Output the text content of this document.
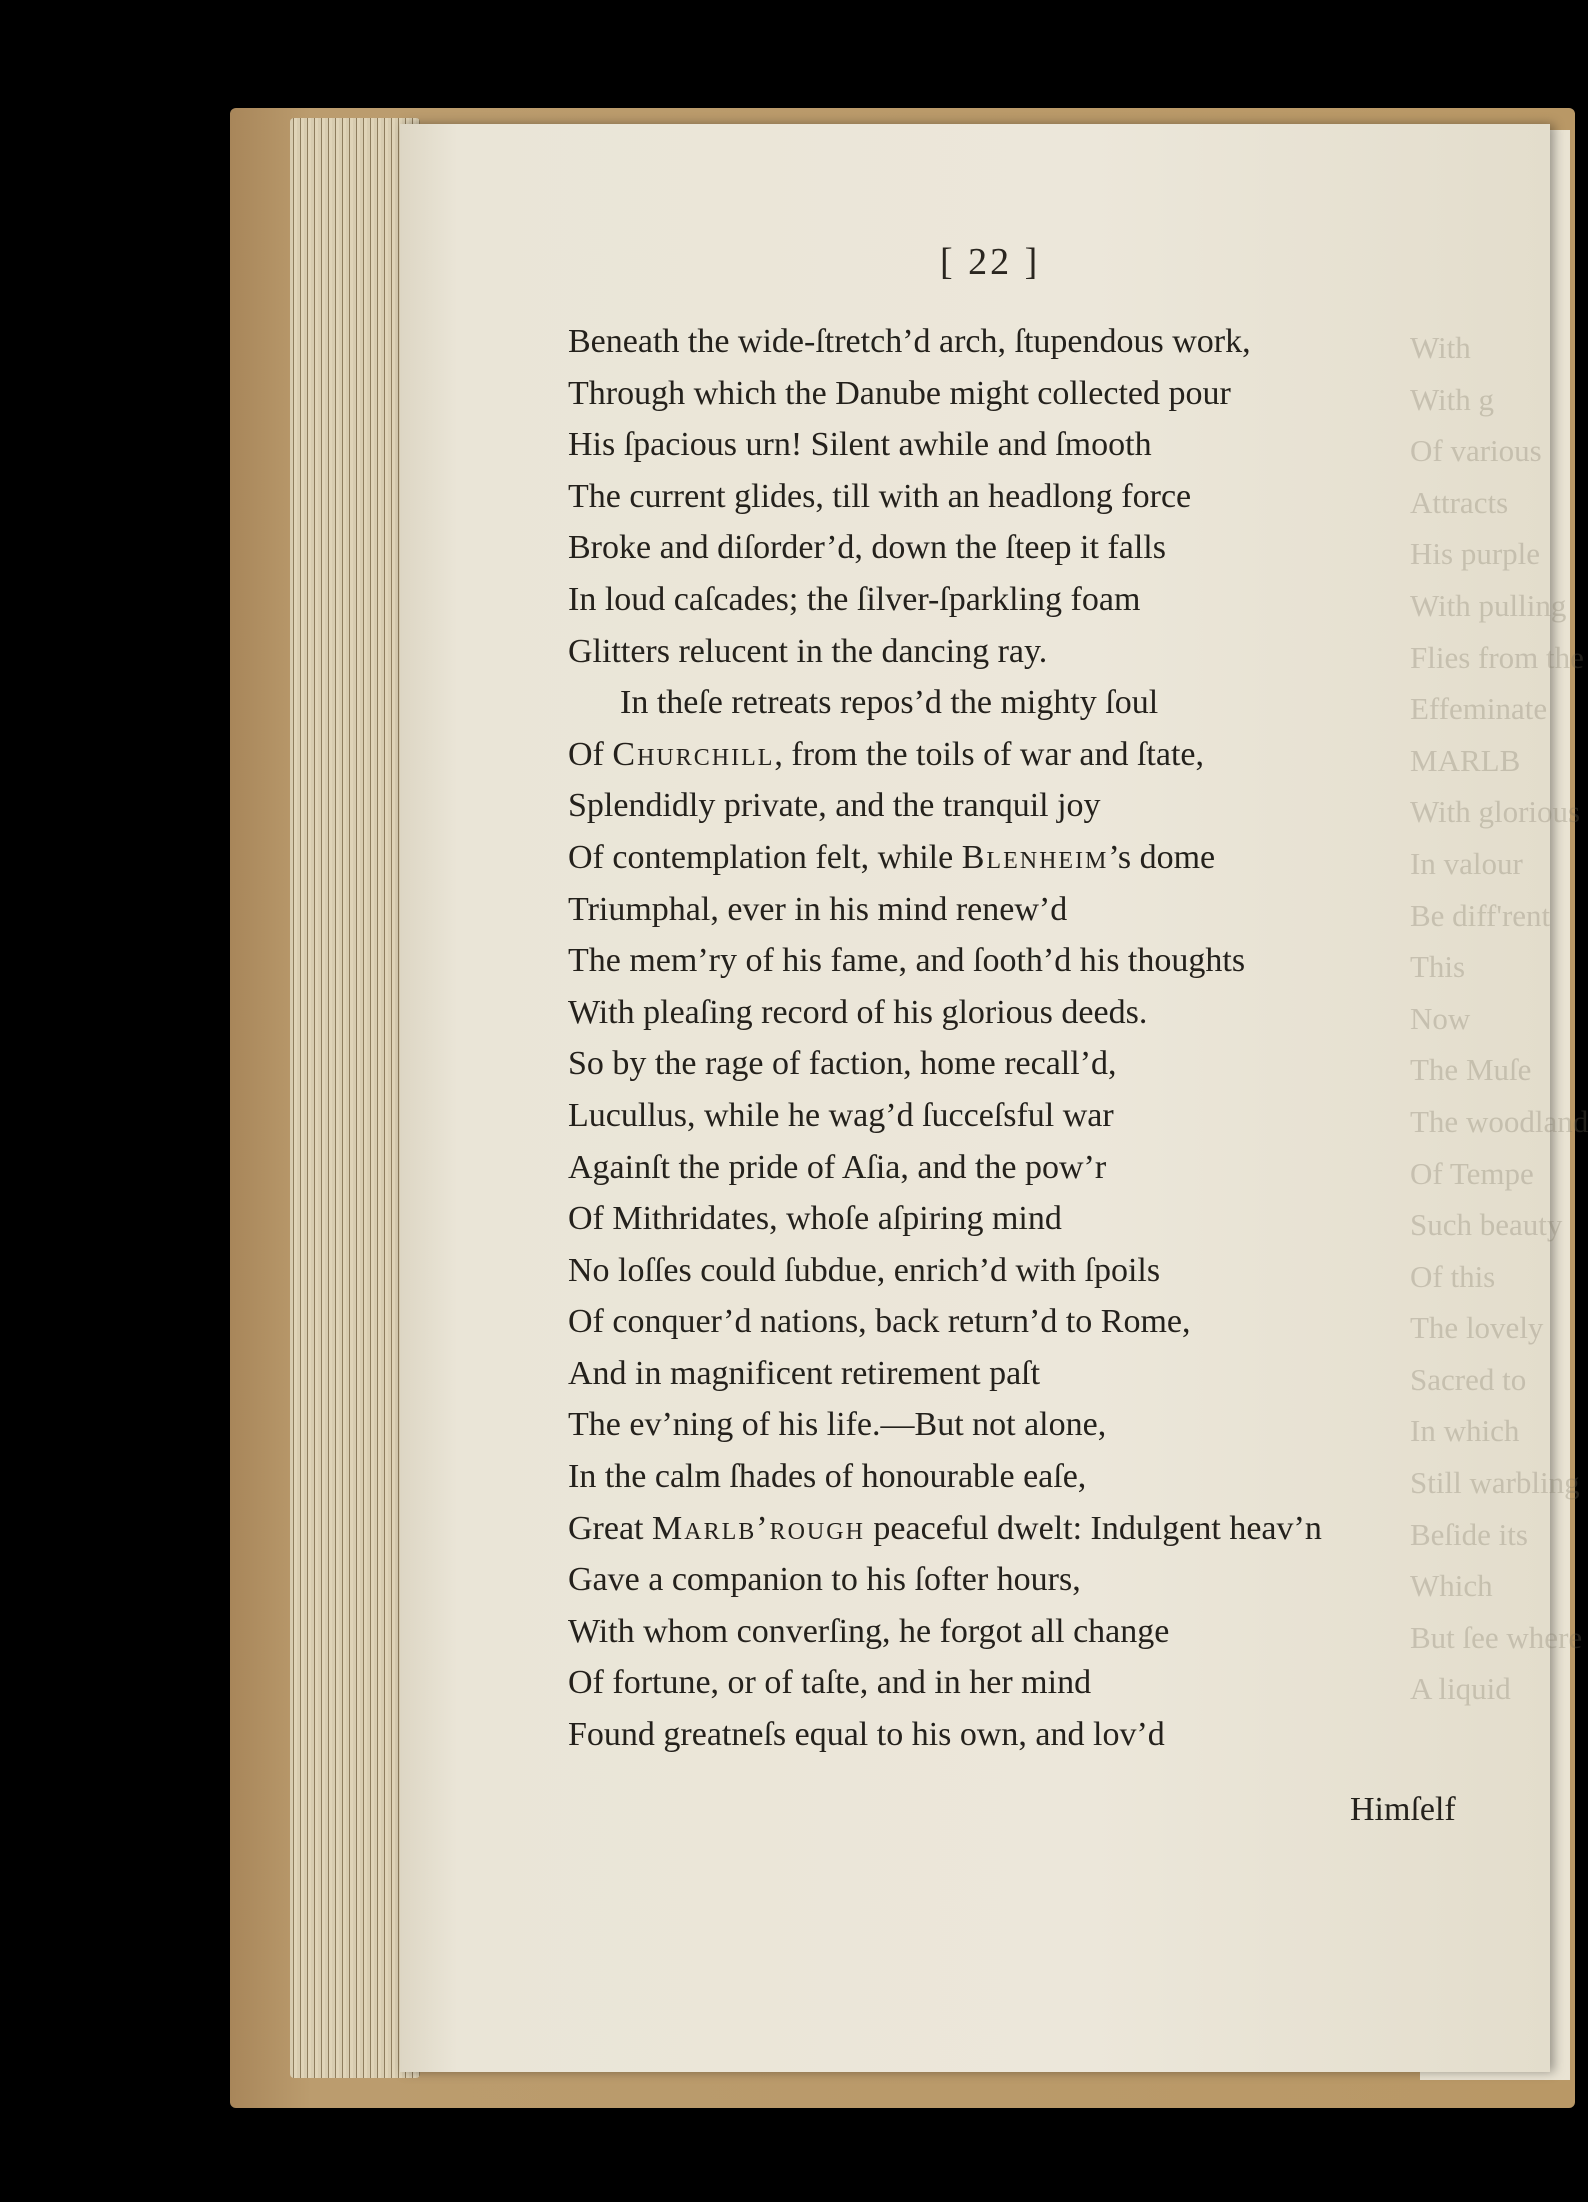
With
With g
Of various
Attracts
His purple
With pulling
Flies from the
Effeminate
MARLB
With glorious
In valour
Be diff'rent
This
Now
The Muſe
The woodland
Of Tempe
Such beauty
Of this
The lovely
Sacred to
In which
Still warbling
Beſide its
Which
But ſee where
A liquid
[ 22 ]
Beneath the wide-ſtretch’d arch, ſtupendous work,
Through which the Danube might collected pour
His ſpacious urn! Silent awhile and ſmooth
The current glides, till with an headlong force
Broke and diſorder’d, down the ſteep it falls
In loud caſcades; the ſilver-ſparkling foam
Glitters relucent in the dancing ray.
In theſe retreats repos’d the mighty ſoul
Of Churchill, from the toils of war and ſtate,
Splendidly private, and the tranquil joy
Of contemplation felt, while Blenheim’s dome
Triumphal, ever in his mind renew’d
The mem’ry of his fame, and ſooth’d his thoughts
With pleaſing record of his glorious deeds.
So by the rage of faction, home recall’d,
Lucullus, while he wag’d ſucceſsful war
Againſt the pride of Aſia, and the pow’r
Of Mithridates, whoſe aſpiring mind
No loſſes could ſubdue, enrich’d with ſpoils
Of conquer’d nations, back return’d to Rome,
And in magnificent retirement paſt
The ev’ning of his life.—But not alone,
In the calm ſhades of honourable eaſe,
Great Marlb’rough peaceful dwelt: Indulgent heav’n
Gave a companion to his ſofter hours,
With whom converſing, he forgot all change
Of fortune, or of taſte, and in her mind
Found greatneſs equal to his own, and lov’d
Himſelf
